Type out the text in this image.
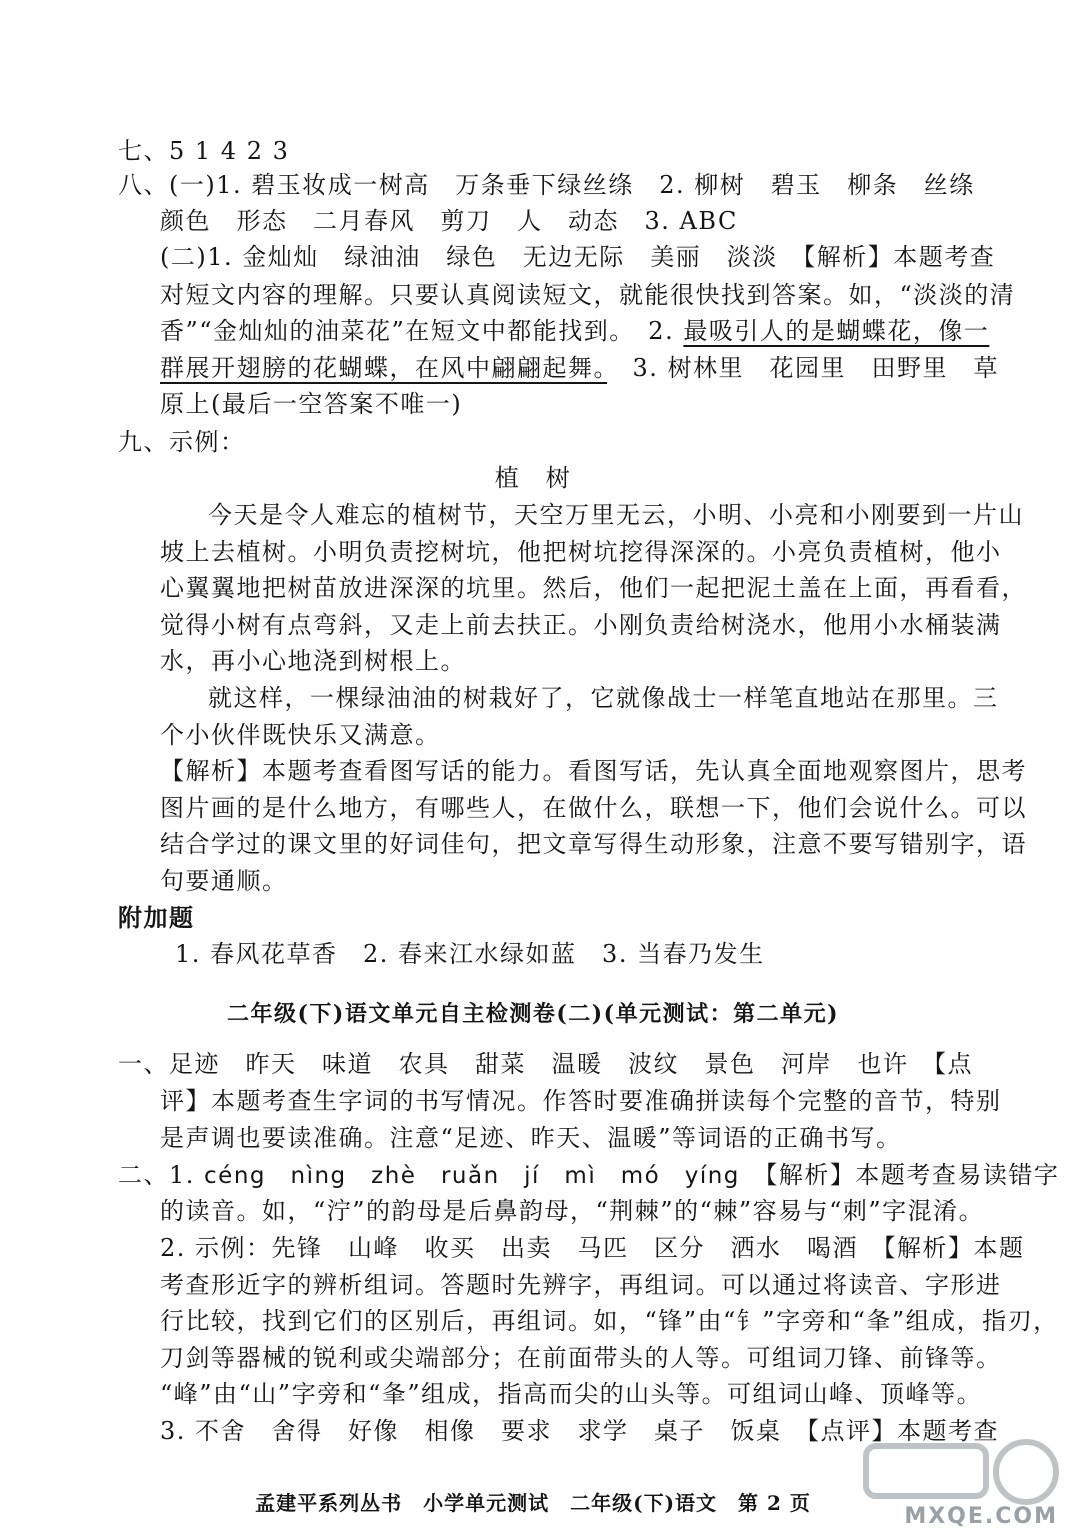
七、5 1 4 2 3
八、(一)1. 碧玉妆成一树高　万条垂下绿丝绦　2. 柳树　碧玉　柳条　丝绦
颜色　形态　二月春风　剪刀　人　动态　3. ABC
(二)1. 金灿灿　绿油油　绿色　无边无际　美丽　淡淡　【解析】本题考查
对短文内容的理解。只要认真阅读短文，就能很快找到答案。如，“淡淡的清
香”“金灿灿的油菜花”在短文中都能找到。　2. 最吸引人的是蝴蝶花，像一
群展开翅膀的花蝴蝶，在风中翩翩起舞。　3. 树林里　花园里　田野里　草
原上(最后一空答案不唯一)
九、示例：
植　树
今天是令人难忘的植树节，天空万里无云，小明、小亮和小刚要到一片山
坡上去植树。小明负责挖树坑，他把树坑挖得深深的。小亮负责植树，他小
心翼翼地把树苗放进深深的坑里。然后，他们一起把泥土盖在上面，再看看，
觉得小树有点弯斜，又走上前去扶正。小刚负责给树浇水，他用小水桶装满
水，再小心地浇到树根上。
就这样，一棵绿油油的树栽好了，它就像战士一样笔直地站在那里。三
个小伙伴既快乐又满意。
【解析】本题考查看图写话的能力。看图写话，先认真全面地观察图片，思考
图片画的是什么地方，有哪些人，在做什么，联想一下，他们会说什么。可以
结合学过的课文里的好词佳句，把文章写得生动形象，注意不要写错别字，语
句要通顺。
附加题
1. 春风花草香　2. 春来江水绿如蓝　3. 当春乃发生
二年级(下)语文单元自主检测卷(二)(单元测试：第二单元)
一、足迹　昨天　味道　农具　甜菜　温暖　波纹　景色　河岸　也许　【点
评】本题考查生字词的书写情况。作答时要准确拼读每个完整的音节，特别
是声调也要读准确。注意“足迹、昨天、温暖”等词语的正确书写。
二、1. céng　nìng　zhè　ruǎn　jí　mì　mó　yíng　【解析】本题考查易读错字
的读音。如，“泞”的韵母是后鼻韵母，“荆棘”的“棘”容易与“刺”字混淆。
2. 示例：先锋　山峰　收买　出卖　马匹　区分　洒水　喝酒　【解析】本题
考查形近字的辨析组词。答题时先辨字，再组词。可以通过将读音、字形进
行比较，找到它们的区别后，再组词。如，“锋”由“钅”字旁和“夆”组成，指刃，
刀剑等器械的锐利或尖端部分；在前面带头的人等。可组词刀锋、前锋等。
“峰”由“山”字旁和“夆”组成，指高而尖的山头等。可组词山峰、顶峰等。
3. 不舍　舍得　好像　相像　要求　求学　桌子　饭桌　【点评】本题考查
孟建平系列丛书　小学单元测试　二年级(下)语文　第 2 页
MXQE.COM
